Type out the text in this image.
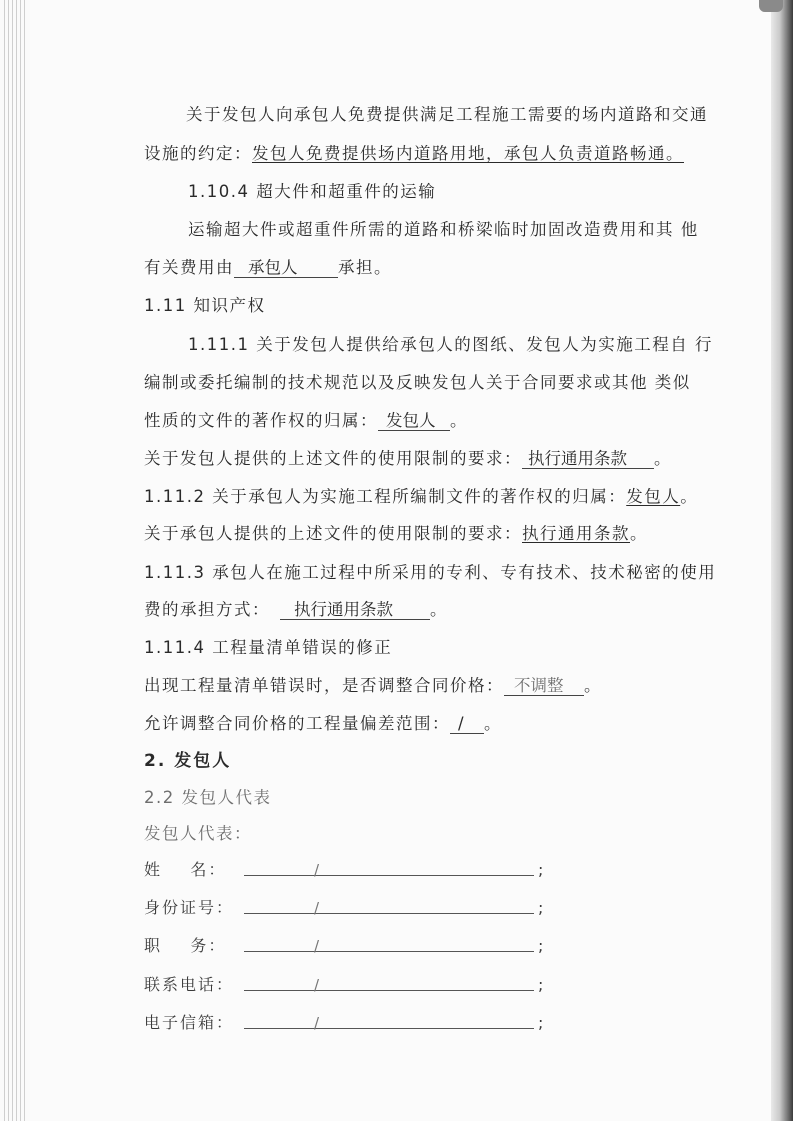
关于发包人向承包人免费提供满足工程施工需要的场内道路和交通
设施的约定：发包人免费提供场内道路用地，承包人负责道路畅通。
1.10.4 超大件和超重件的运输
运输超大件或超重件所需的道路和桥梁临时加固改造费用和其 他
有关费用由 承包人 承担。
1.11 知识产权
1.11.1 关于发包人提供给承包人的图纸、发包人为实施工程自 行
编制或委托编制的技术规范以及反映发包人关于合同要求或其他 类似
性质的文件的著作权的归属： 发包人 。
关于发包人提供的上述文件的使用限制的要求： 执行通用条款 。
1.11.2 关于承包人为实施工程所编制文件的著作权的归属：发包人。
关于承包人提供的上述文件的使用限制的要求：执行通用条款。
1.11.3 承包人在施工过程中所采用的专利、专有技术、技术秘密的使用
费的承担方式： 执行通用条款 。
1.11.4 工程量清单错误的修正
出现工程量清单错误时，是否调整合同价格： 不调整 。
允许调整合同价格的工程量偏差范围： / 。
2. 发包人
2.2 发包人代表
发包人代表：
姓    名：	/	;
身份证号：	/	;
职    务：	/	;
联系电话：	/	;
电子信箱：	/	;
